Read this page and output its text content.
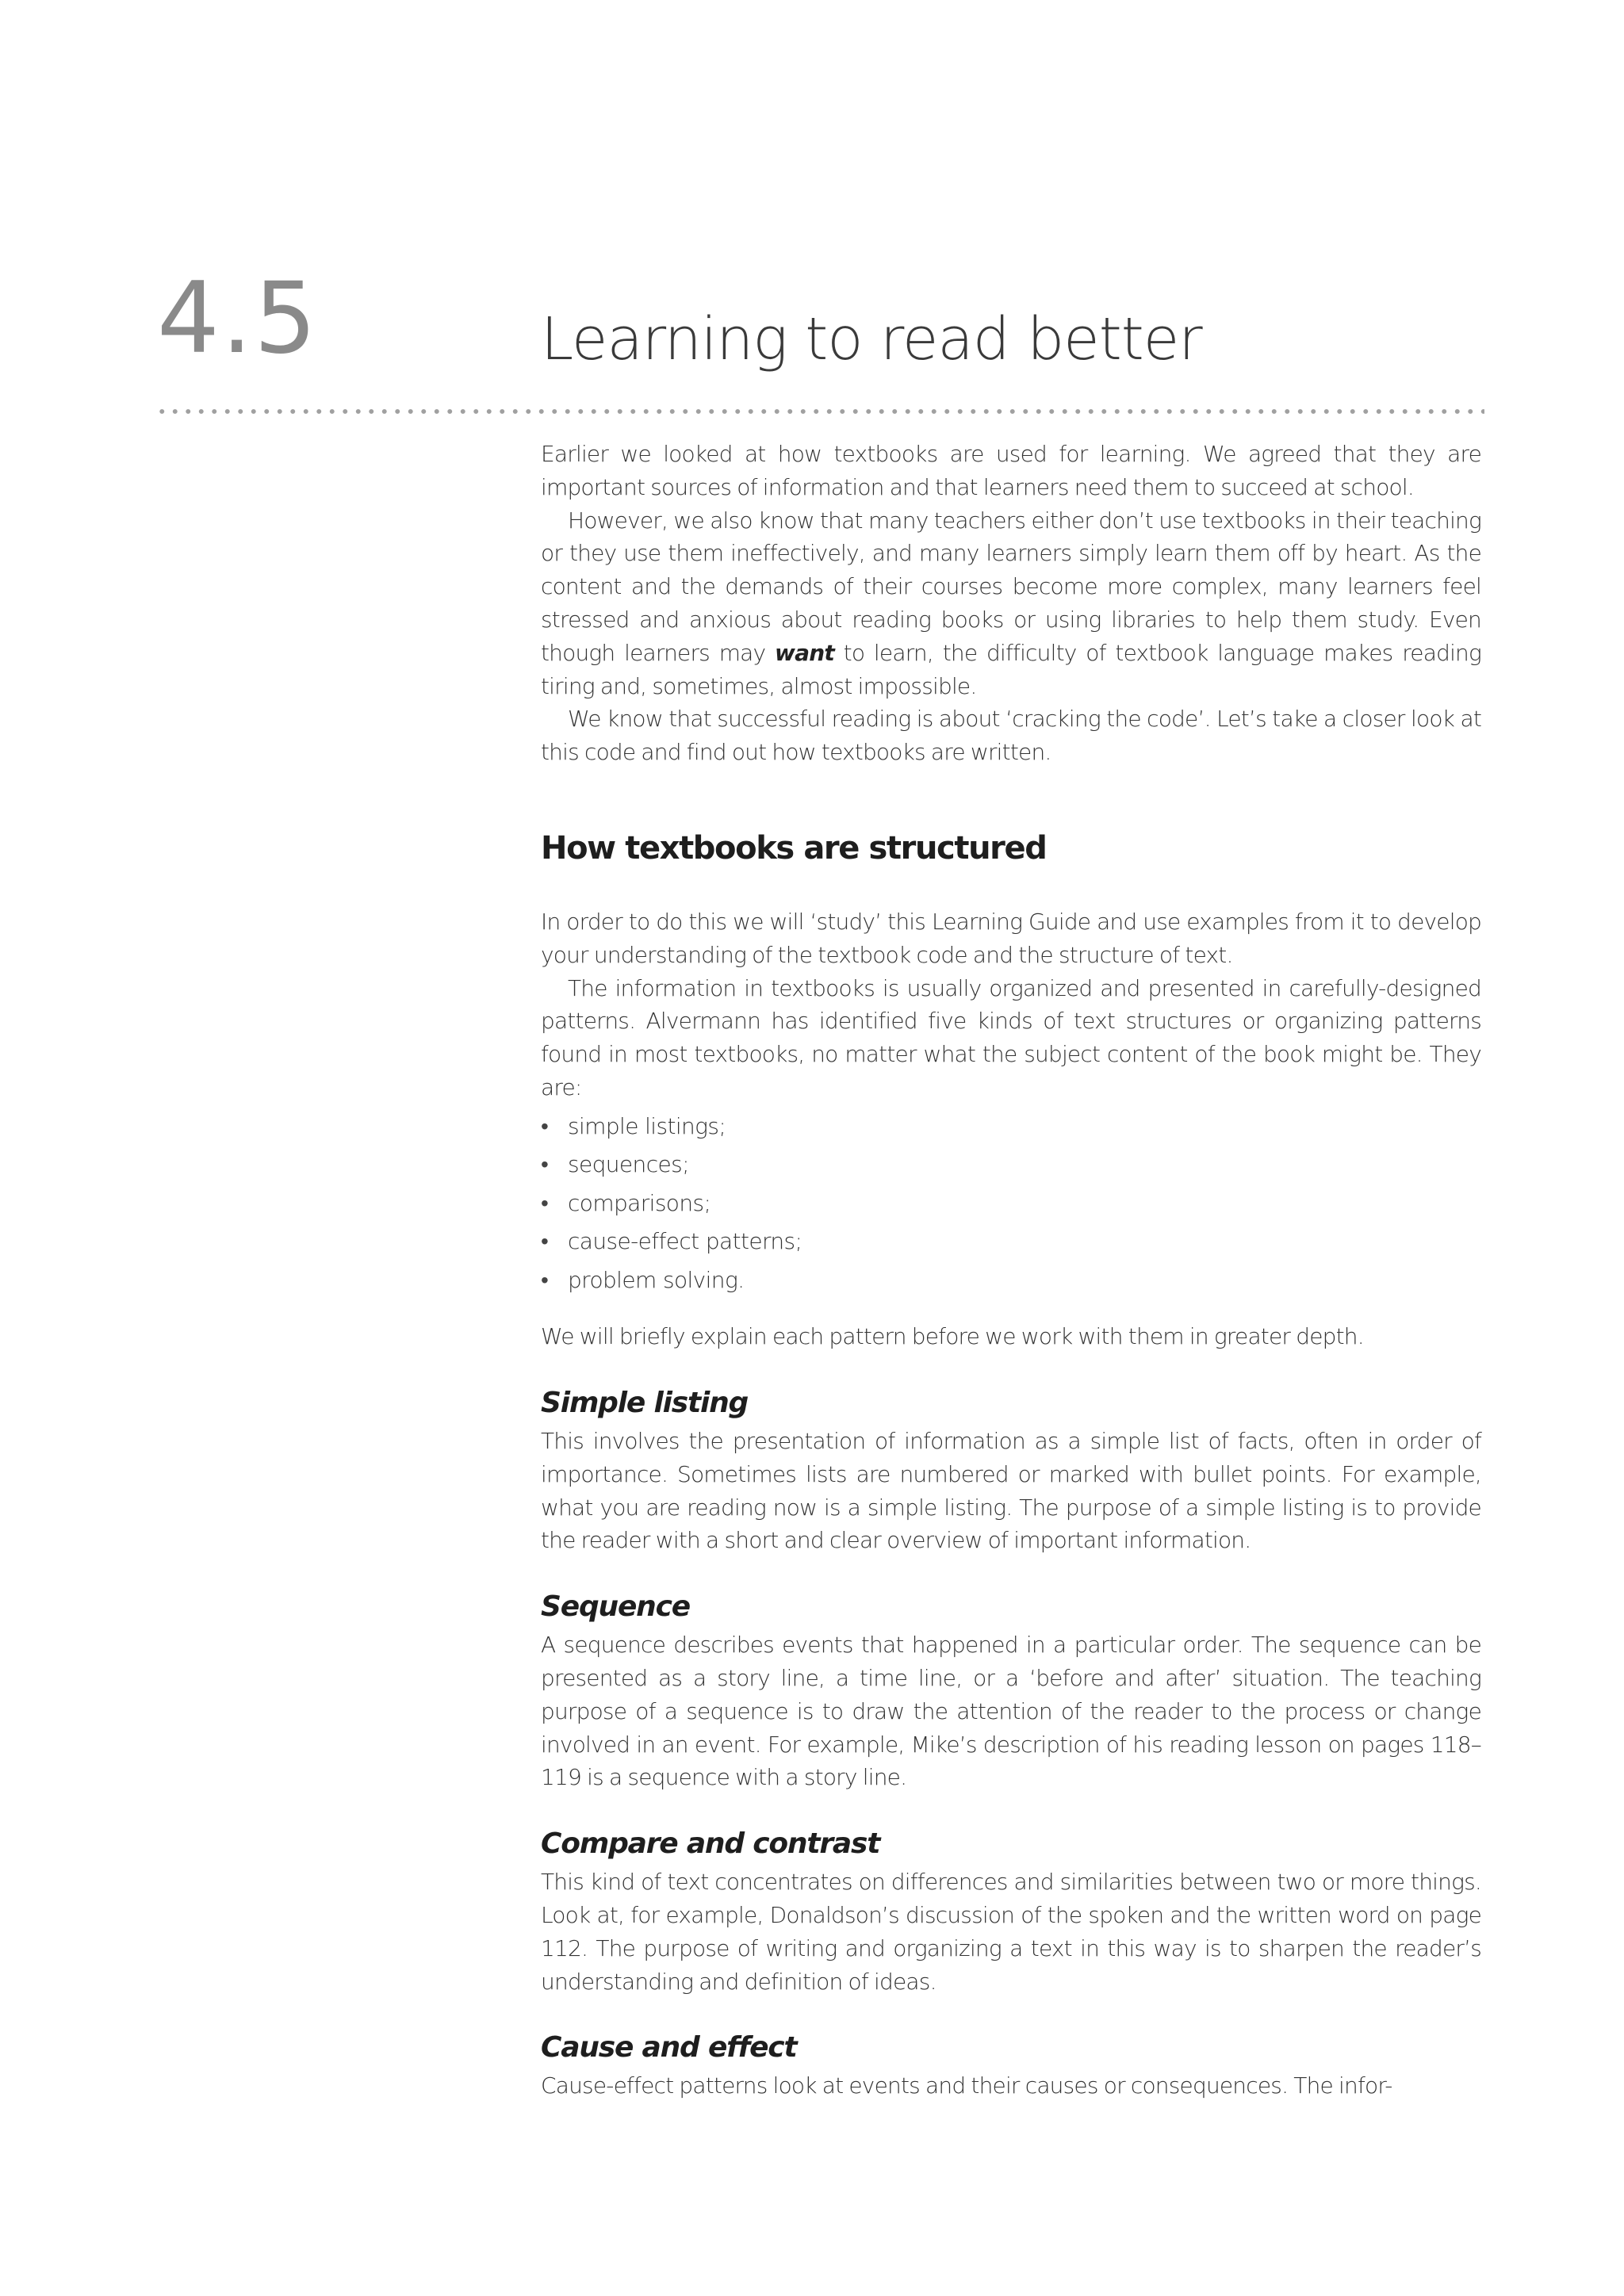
4.5	Learning to read better

Earlier we looked at how textbooks are used for learning. We agreed that they are important sources of information and that learners need them to succeed at school.

However, we also know that many teachers either don’t use textbooks in their teaching or they use them ineffectively, and many learners simply learn them off by heart. As the content and the demands of their courses become more complex, many learners feel stressed and anxious about reading books or using libraries to help them study. Even though learners may want to learn, the difficulty of textbook language makes reading tiring and, sometimes, almost impossible.

We know that successful reading is about ‘cracking the code’. Let’s take a closer look at this code and find out how textbooks are written.

How textbooks are structured

In order to do this we will ‘study’ this Learning Guide and use examples from it to develop your understanding of the textbook code and the structure of text.

The information in textbooks is usually organized and presented in carefully-designed patterns. Alvermann has identified five kinds of text structures or organizing patterns found in most textbooks, no matter what the subject content of the book might be. They are:

• simple listings;
• sequences;
• comparisons;
• cause-effect patterns;
• problem solving.

We will briefly explain each pattern before we work with them in greater depth.

Simple listing

This involves the presentation of information as a simple list of facts, often in order of importance. Sometimes lists are numbered or marked with bullet points. For example, what you are reading now is a simple listing. The purpose of a simple listing is to provide the reader with a short and clear overview of important information.

Sequence

A sequence describes events that happened in a particular order. The sequence can be presented as a story line, a time line, or a ‘before and after’ situation. The teaching purpose of a sequence is to draw the attention of the reader to the process or change involved in an event. For example, Mike’s description of his reading lesson on pages 118–119 is a sequence with a story line.

Compare and contrast

This kind of text concentrates on differences and similarities between two or more things. Look at, for example, Donaldson’s discussion of the spoken and the written word on page 112. The purpose of writing and organizing a text in this way is to sharpen the reader’s understanding and definition of ideas.

Cause and effect

Cause-effect patterns look at events and their causes or consequences. The infor-
